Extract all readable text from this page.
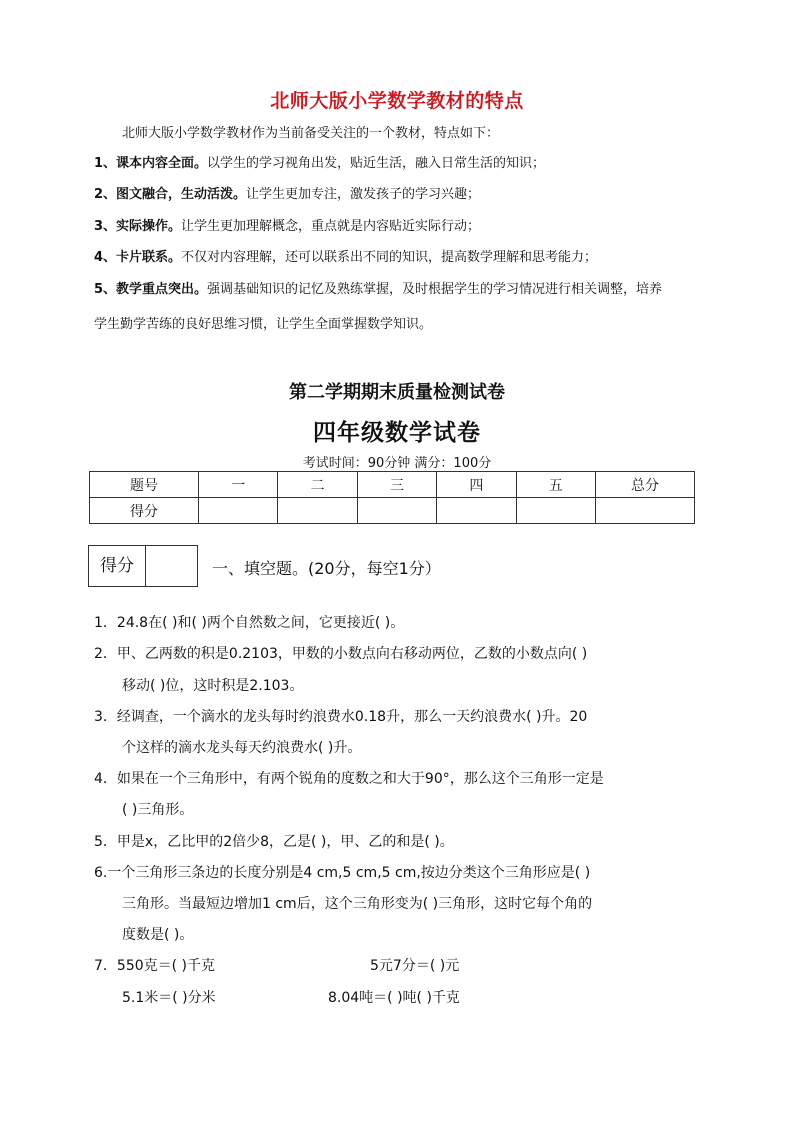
北师大版小学数学教材的特点
北师大版小学数学教材作为当前备受关注的一个教材，特点如下：
1、课本内容全面。以学生的学习视角出发，贴近生活，融入日常生活的知识；
2、图文融合，生动活泼。让学生更加专注，激发孩子的学习兴趣；
3、实际操作。让学生更加理解概念，重点就是内容贴近实际行动；
4、卡片联系。不仅对内容理解，还可以联系出不同的知识，提高数学理解和思考能力；
5、教学重点突出。强调基础知识的记忆及熟练掌握，及时根据学生的学习情况进行相关调整，培养
学生勤学苦练的良好思维习惯，让学生全面掌握数学知识。
第二学期期末质量检测试卷
四年级数学试卷
考试时间：90分钟 满分：100分
题号	一	二	三	四	五	总分
得分						
得分	一、填空题。(20分，每空1分）
1．24.8在( )和( )两个自然数之间，它更接近( )。
2．甲、乙两数的积是0.2103，甲数的小数点向右移动两位，乙数的小数点向( )
移动( )位，这时积是2.103。
3．经调查，一个滴水的龙头每时约浪费水0.18升，那么一天约浪费水( )升。20
个这样的滴水龙头每天约浪费水( )升。
4．如果在一个三角形中，有两个锐角的度数之和大于90°，那么这个三角形一定是
( )三角形。
5．甲是x，乙比甲的2倍少8，乙是( )，甲、乙的和是( )。
6.一个三角形三条边的长度分别是4 cm,5 cm,5 cm,按边分类这个三角形应是( )
三角形。当最短边增加1 cm后，这个三角形变为( )三角形，这时它每个角的
度数是( )。
7．550克＝( )千克	5元7分＝( )元
5.1米＝( )分米	8.04吨＝( )吨( )千克
